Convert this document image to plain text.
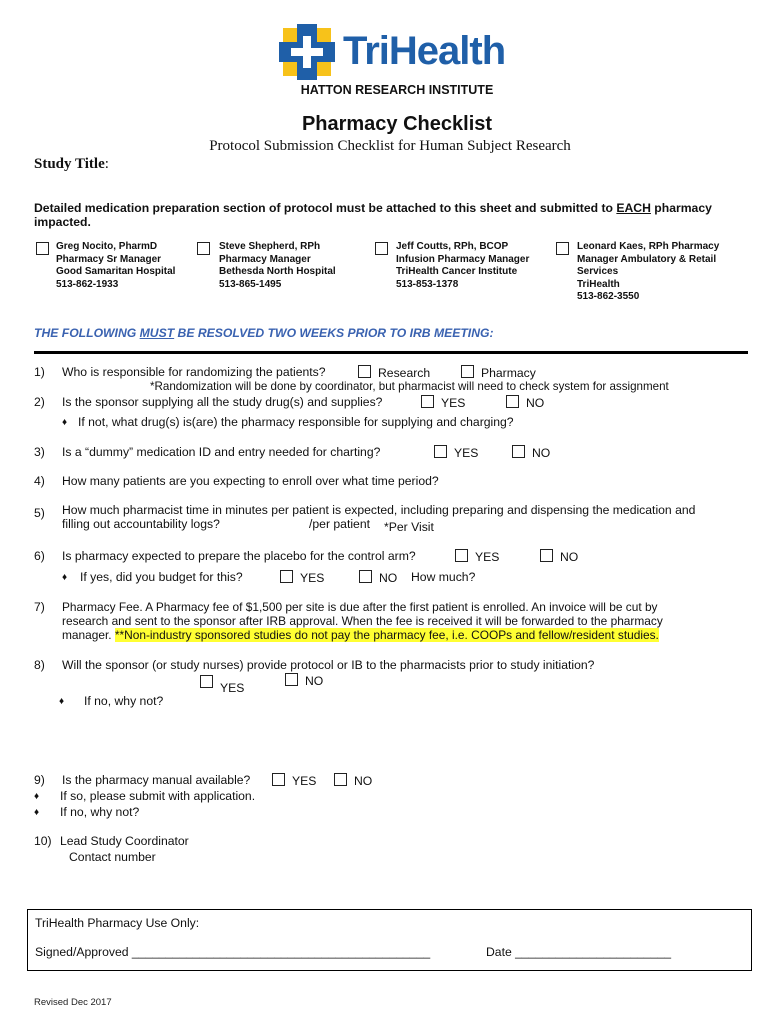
TriHealth
HATTON RESEARCH INSTITUTE
Pharmacy Checklist
Protocol Submission Checklist for Human Subject Research
Study Title:
Detailed medication preparation section of protocol must be attached to this sheet and submitted to EACH pharmacy
impacted.
Greg Nocito, PharmD
Pharmacy Sr Manager
Good Samaritan Hospital
513-862-1933
Steve Shepherd, RPh
Pharmacy Manager
Bethesda North Hospital
513-865-1495
Jeff Coutts, RPh, BCOP
Infusion Pharmacy Manager
TriHealth Cancer Institute
513-853-1378
Leonard Kaes, RPh Pharmacy
Manager Ambulatory & Retail
Services
TriHealth
513-862-3550
THE FOLLOWING MUST BE RESOLVED TWO WEEKS PRIOR TO IRB MEETING:
1) Who is responsible for randomizing the patients?	Research	Pharmacy
*Randomization will be done by coordinator, but pharmacist will need to check system for assignment
2) Is the sponsor supplying all the study drug(s) and supplies?	YES	NO
♦ If not, what drug(s) is(are) the pharmacy responsible for supplying and charging?
3) Is a “dummy” medication ID and entry needed for charting?	YES	NO
4) How many patients are you expecting to enroll over what time period?
5) How much pharmacist time in minutes per patient is expected, including preparing and dispensing the medication and
filling out accountability logs?	/per patient *Per Visit
6) Is pharmacy expected to prepare the placebo for the control arm?	YES	NO
♦ If yes, did you budget for this?	YES	NO How much?
7) Pharmacy Fee. A Pharmacy fee of $1,500 per site is due after the first patient is enrolled. An invoice will be cut by
research and sent to the sponsor after IRB approval. When the fee is received it will be forwarded to the pharmacy
manager. **Non-industry sponsored studies do not pay the pharmacy fee, i.e. COOPs and fellow/resident studies.
8) Will the sponsor (or study nurses) provide protocol or IB to the pharmacists prior to study initiation?
YES	NO
♦ If no, why not?
9) Is the pharmacy manual available?	YES	NO
♦ If so, please submit with application.
♦ If no, why not?
10) Lead Study Coordinator
Contact number
TriHealth Pharmacy Use Only:
Signed/Approved ____________________________________________	Date _______________________
Revised Dec 2017
